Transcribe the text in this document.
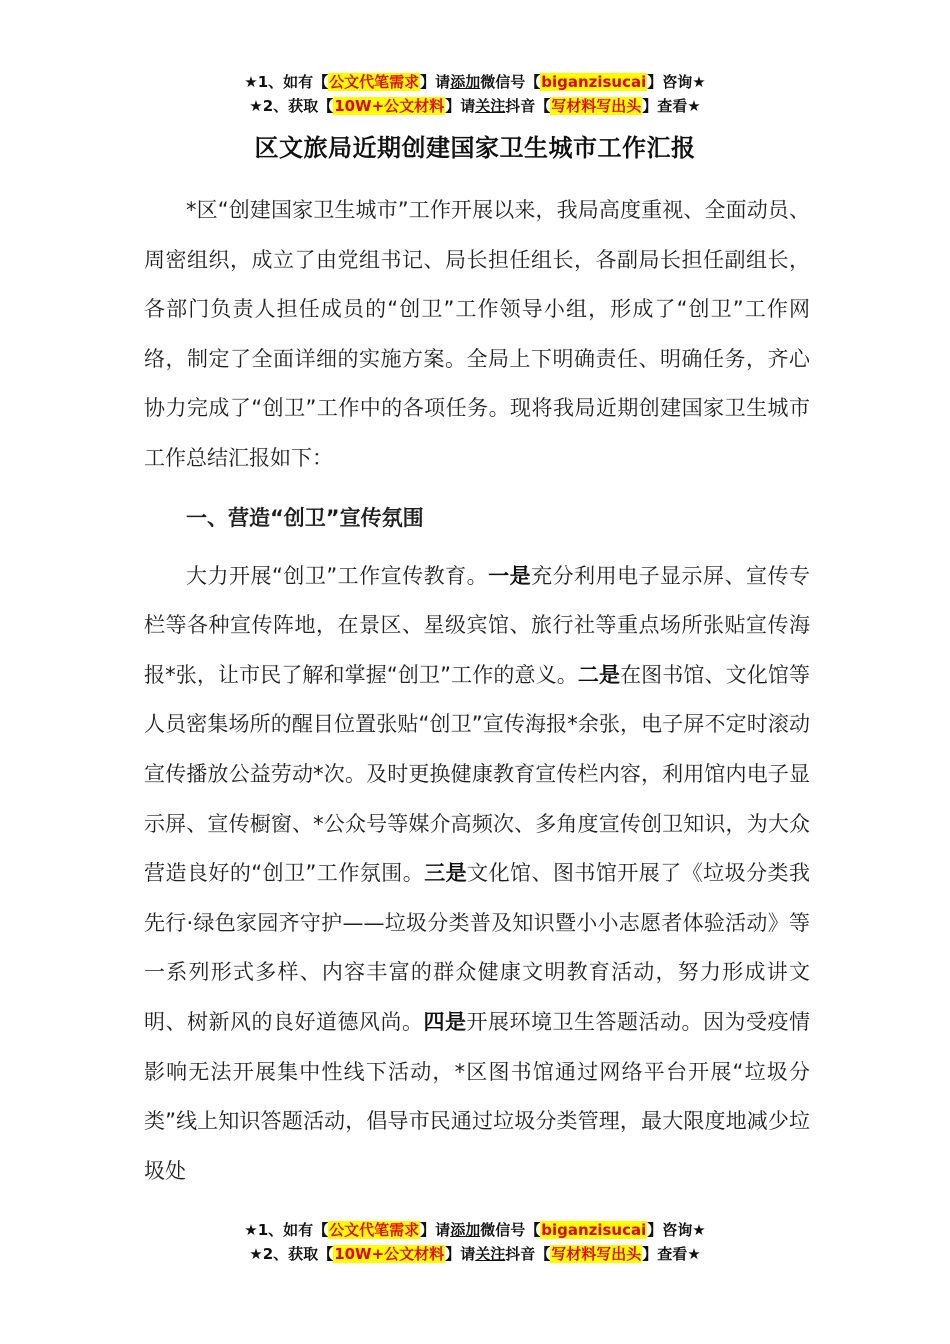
★1、如有【公文代笔需求】请添加微信号【biganzisucai】咨询★
★2、获取【10W+公文材料】请关注抖音【写材料写出头】查看★
区文旅局近期创建国家卫生城市工作汇报

*区“创建国家卫生城市”工作开展以来，我局高度重视、全面动员、周密组织，成立了由党组书记、局长担任组长，各副局长担任副组长，各部门负责人担任成员的“创卫”工作领导小组，形成了“创卫”工作网络，制定了全面详细的实施方案。全局上下明确责任、明确任务，齐心协力完成了“创卫”工作中的各项任务。现将我局近期创建国家卫生城市工作总结汇报如下：

一、营造“创卫”宣传氛围

大力开展“创卫”工作宣传教育。一是充分利用电子显示屏、宣传专栏等各种宣传阵地，在景区、星级宾馆、旅行社等重点场所张贴宣传海报*张，让市民了解和掌握“创卫”工作的意义。二是在图书馆、文化馆等人员密集场所的醒目位置张贴“创卫”宣传海报*余张，电子屏不定时滚动宣传播放公益劳动*次。及时更换健康教育宣传栏内容，利用馆内电子显示屏、宣传橱窗、*公众号等媒介高频次、多角度宣传创卫知识，为大众营造良好的“创卫”工作氛围。三是文化馆、图书馆开展了《垃圾分类我先行·绿色家园齐守护——垃圾分类普及知识暨小小志愿者体验活动》等一系列形式多样、内容丰富的群众健康文明教育活动，努力形成讲文明、树新风的良好道德风尚。四是开展环境卫生答题活动。因为受疫情影响无法开展集中性线下活动，*区图书馆通过网络平台开展“垃圾分类”线上知识答题活动，倡导市民通过垃圾分类管理，最大限度地减少垃圾处

★1、如有【公文代笔需求】请添加微信号【biganzisucai】咨询★
★2、获取【10W+公文材料】请关注抖音【写材料写出头】查看★
